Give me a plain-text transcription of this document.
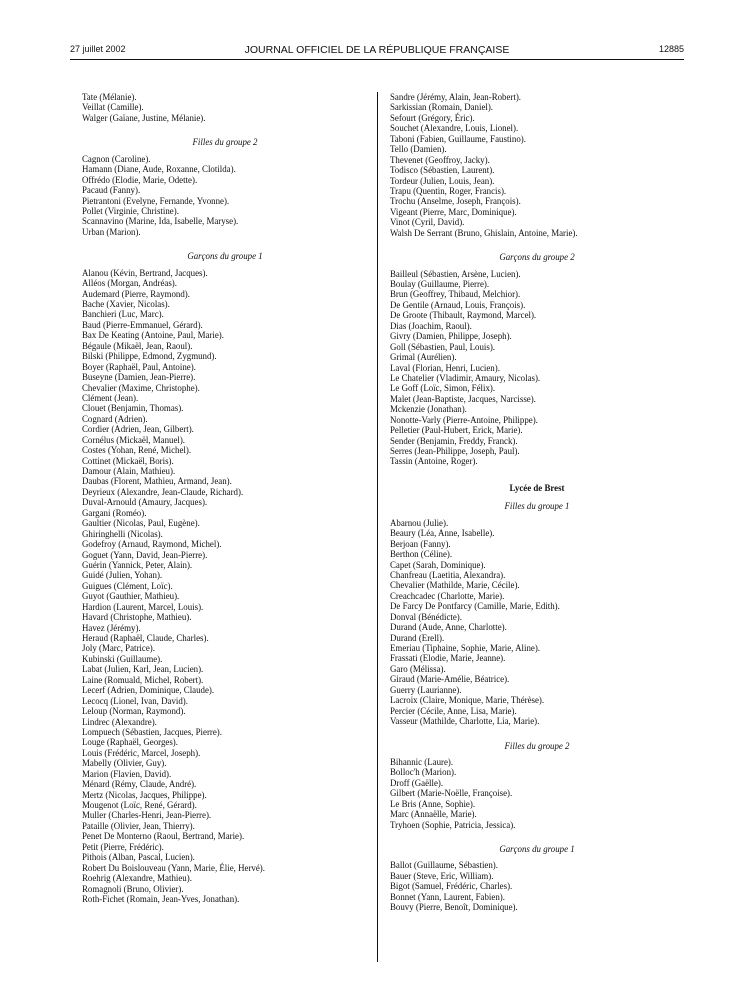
27 juillet 2002	JOURNAL OFFICIEL DE LA RÉPUBLIQUE FRANÇAISE	12885
Tate (Mélanie).
Veillat (Camille).
Walger (Gaïane, Justine, Mélanie).
Filles du groupe 2
Cagnon (Caroline).
Hamann (Diane, Aude, Roxanne, Clotilda).
Offrédo (Elodie, Marie, Odette).
Pacaud (Fanny).
Pietrantoni (Evelyne, Fernande, Yvonne).
Pollet (Virginie, Christine).
Scannavino (Marine, Ida, Isabelle, Maryse).
Urban (Marion).
Garçons du groupe 1
Alanou (Kévin, Bertrand, Jacques).
Alléos (Morgan, Andréas).
Audemard (Pierre, Raymond).
Bache (Xavier, Nicolas).
Banchieri (Luc, Marc).
Baud (Pierre-Emmanuel, Gérard).
Bax De Keating (Antoine, Paul, Marie).
Bégaule (Mikaël, Jean, Raoul).
Bilski (Philippe, Edmond, Zygmund).
Boyer (Raphaël, Paul, Antoine).
Buseyne (Damien, Jean-Pierre).
Chevalier (Maxime, Christophe).
Clément (Jean).
Clouet (Benjamin, Thomas).
Cognard (Adrien).
Cordier (Adrien, Jean, Gilbert).
Cornélus (Mickaël, Manuel).
Costes (Yohan, René, Michel).
Cottinet (Mickaël, Boris).
Damour (Alain, Mathieu).
Daubas (Florent, Mathieu, Armand, Jean).
Deyrieux (Alexandre, Jean-Claude, Richard).
Duval-Arnould (Amaury, Jacques).
Gargani (Roméo).
Gaultier (Nicolas, Paul, Eugène).
Ghiringhelli (Nicolas).
Godefroy (Arnaud, Raymond, Michel).
Goguet (Yann, David, Jean-Pierre).
Guérin (Yannick, Peter, Alain).
Guidé (Julien, Yohan).
Guigues (Clément, Loïc).
Guyot (Gauthier, Mathieu).
Hardion (Laurent, Marcel, Louis).
Havard (Christophe, Mathieu).
Havez (Jérémy).
Heraud (Raphaël, Claude, Charles).
Joly (Marc, Patrice).
Kubinski (Guillaume).
Labat (Julien, Karl, Jean, Lucien).
Laine (Romuald, Michel, Robert).
Lecerf (Adrien, Dominique, Claude).
Lecocq (Lionel, Ivan, David).
Leloup (Norman, Raymond).
Lindrec (Alexandre).
Lompuech (Sébastien, Jacques, Pierre).
Louge (Raphaël, Georges).
Louis (Frédéric, Marcel, Joseph).
Mabelly (Olivier, Guy).
Marion (Flavien, David).
Ménard (Rémy, Claude, André).
Mertz (Nicolas, Jacques, Philippe).
Mougenot (Loïc, René, Gérard).
Muller (Charles-Henri, Jean-Pierre).
Pataille (Olivier, Jean, Thierry).
Penet De Monterno (Raoul, Bertrand, Marie).
Petit (Pierre, Frédéric).
Pithois (Alban, Pascal, Lucien).
Robert Du Boislouveau (Yann, Marie, Élie, Hervé).
Roehrig (Alexandre, Mathieu).
Romagnoli (Bruno, Olivier).
Roth-Fichet (Romain, Jean-Yves, Jonathan).
Sandre (Jérémy, Alain, Jean-Robert).
Sarkissian (Romain, Daniel).
Sefourt (Grégory, Éric).
Souchet (Alexandre, Louis, Lionel).
Taboni (Fabien, Guillaume, Faustino).
Tello (Damien).
Thevenet (Geoffroy, Jacky).
Todisco (Sébastien, Laurent).
Tordeur (Julien, Louis, Jean).
Trapu (Quentin, Roger, Francis).
Trochu (Anselme, Joseph, François).
Vigeant (Pierre, Marc, Dominique).
Vinot (Cyril, David).
Walsh De Serrant (Bruno, Ghislain, Antoine, Marie).
Garçons du groupe 2
Bailleul (Sébastien, Arsène, Lucien).
Boulay (Guillaume, Pierre).
Brun (Geoffrey, Thibaud, Melchior).
De Gentile (Arnaud, Louis, François).
De Groote (Thibault, Raymond, Marcel).
Dias (Joachim, Raoul).
Givry (Damien, Philippe, Joseph).
Goll (Sébastien, Paul, Louis).
Grimal (Aurélien).
Laval (Florian, Henri, Lucien).
Le Chatelier (Vladimir, Amaury, Nicolas).
Le Goff (Loïc, Simon, Félix).
Malet (Jean-Baptiste, Jacques, Narcisse).
Mckenzie (Jonathan).
Nonotte-Varly (Pierre-Antoine, Philippe).
Pelletier (Paul-Hubert, Erick, Marie).
Sender (Benjamin, Freddy, Franck).
Serres (Jean-Philippe, Joseph, Paul).
Tassin (Antoine, Roger).
Lycée de Brest
Filles du groupe 1
Abarnou (Julie).
Beaury (Léa, Anne, Isabelle).
Berjoan (Fanny).
Berthon (Céline).
Capet (Sarah, Dominique).
Chanfreau (Laetitia, Alexandra).
Chevalier (Mathilde, Marie, Cécile).
Creachcadec (Charlotte, Marie).
De Farcy De Pontfarcy (Camille, Marie, Edith).
Donval (Bénédicte).
Durand (Aude, Anne, Charlotte).
Durand (Erell).
Emeriau (Tiphaine, Sophie, Marie, Aline).
Frassati (Elodie, Marie, Jeanne).
Garo (Mélissa).
Giraud (Marie-Amélie, Béatrice).
Guerry (Laurianne).
Lacroix (Claire, Monique, Marie, Thérèse).
Percier (Cécile, Anne, Lisa, Marie).
Vasseur (Mathilde, Charlotte, Lia, Marie).
Filles du groupe 2
Bihannic (Laure).
Bolloc'h (Marion).
Droff (Gaëlle).
Gilbert (Marie-Noëlle, Françoise).
Le Bris (Anne, Sophie).
Marc (Annaëlle, Marie).
Tryhoen (Sophie, Patricia, Jessica).
Garçons du groupe 1
Ballot (Guillaume, Sébastien).
Bauer (Steve, Eric, William).
Bigot (Samuel, Frédéric, Charles).
Bonnet (Yann, Laurent, Fabien).
Bouvy (Pierre, Benoît, Dominique).
